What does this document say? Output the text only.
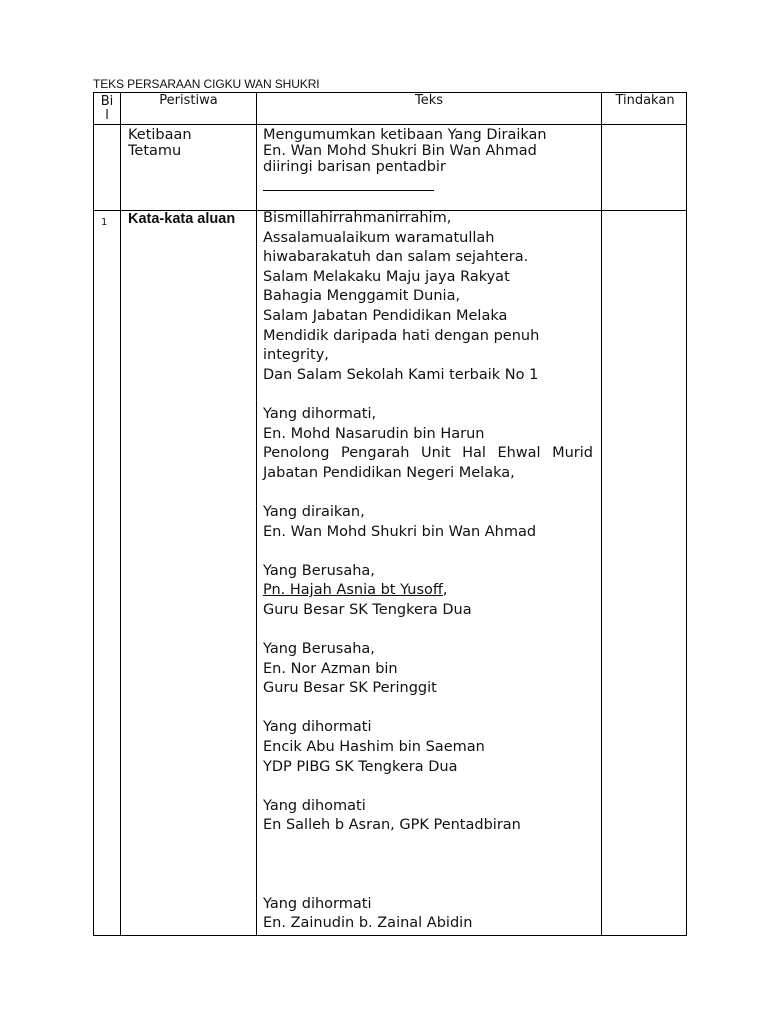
TEKS PERSARAAN CIGKU WAN SHUKRI
Bi
l
Peristiwa	Teks	Tindakan
Ketibaan
Tetamu
Mengumumkan ketibaan Yang Diraikan
En. Wan Mohd Shukri Bin Wan Ahmad
diiringi barisan pentadbir
1 Kata-kata aluan Bismillahirrahmanirrahim,
Assalamualaikum waramatullah
hiwabarakatuh dan salam sejahtera.
Salam Melakaku Maju jaya Rakyat
Bahagia Menggamit Dunia,
Salam Jabatan Pendidikan Melaka
Mendidik daripada hati dengan penuh
integrity,
Dan Salam Sekolah Kami terbaik No 1
Yang dihormati,
En. Mohd Nasarudin bin Harun
Penolong Pengarah Unit Hal Ehwal Murid
Jabatan Pendidikan Negeri Melaka,
Yang diraikan,
En. Wan Mohd Shukri bin Wan Ahmad
Yang Berusaha,
Pn. Hajah Asnia bt Yusoff,
Guru Besar SK Tengkera Dua
Yang Berusaha,
En. Nor Azman bin
Guru Besar SK Peringgit
Yang dihormati
Encik Abu Hashim bin Saeman
YDP PIBG SK Tengkera Dua
Yang dihomati
En Salleh b Asran, GPK Pentadbiran
Yang dihormati
En. Zainudin b. Zainal Abidin
